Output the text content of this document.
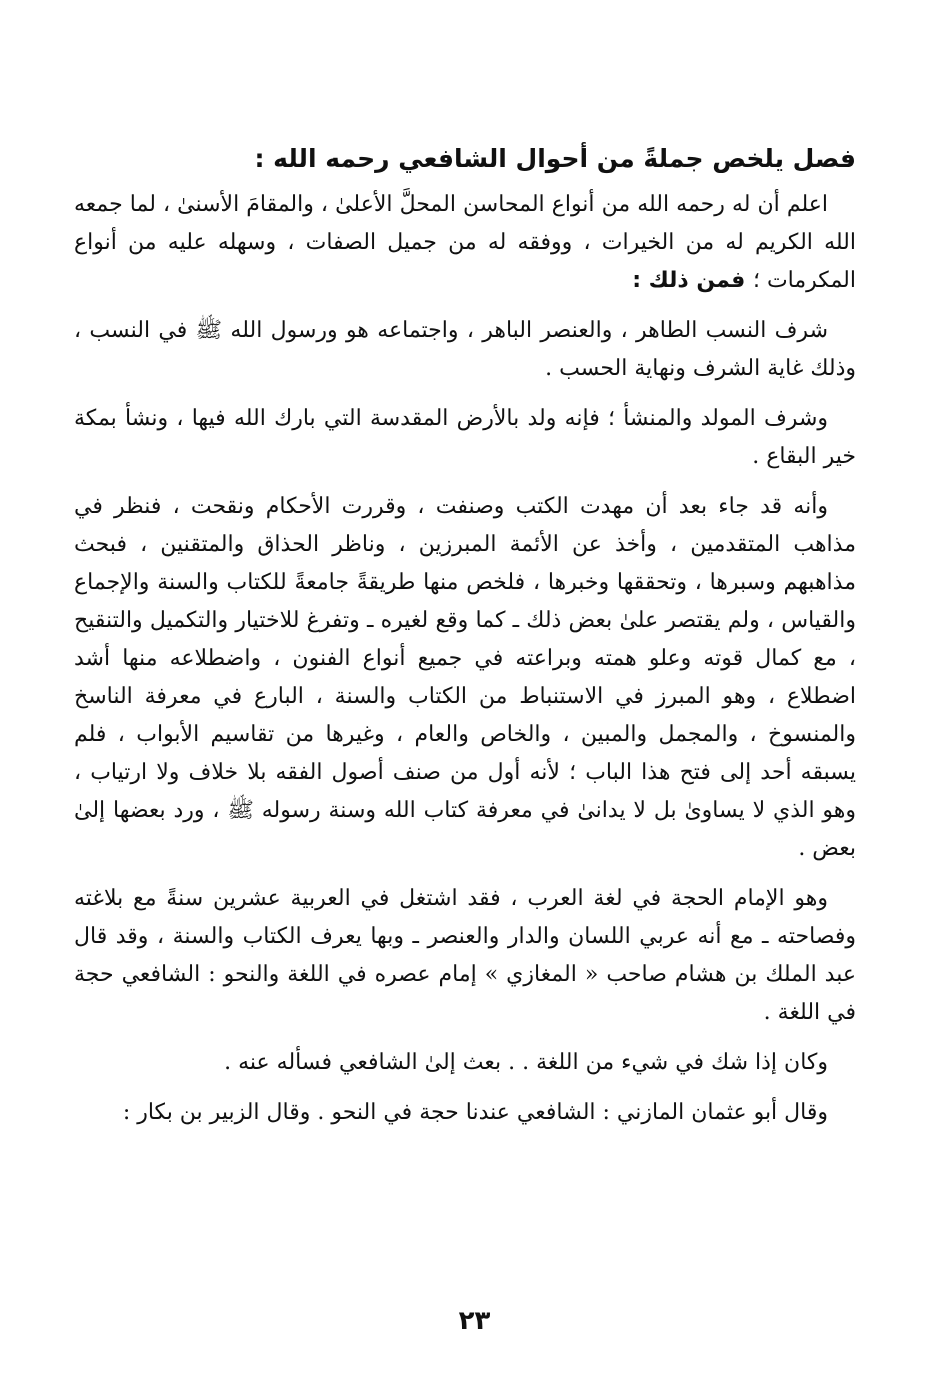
فصل يلخص جملةً من أحوال الشافعي رحمه الله :

اعلم أن له رحمه الله من أنواع المحاسن المحلَّ الأعلىٰ ، والمقامَ الأسنىٰ ، لما جمعه الله الكريم له من الخيرات ، ووفقه له من جميل الصفات ، وسهله عليه من أنواع المكرمات ؛ فمن ذلك :

شرف النسب الطاهر ، والعنصر الباهر ، واجتماعه هو ورسول الله ﷺ في النسب ، وذلك غاية الشرف ونهاية الحسب .

وشرف المولد والمنشأ ؛ فإنه ولد بالأرض المقدسة التي بارك الله فيها ، ونشأ بمكة خير البقاع .

وأنه قد جاء بعد أن مهدت الكتب وصنفت ، وقررت الأحكام ونقحت ، فنظر في مذاهب المتقدمين ، وأخذ عن الأئمة المبرزين ، وناظر الحذاق والمتقنين ، فبحث مذاهبهم وسبرها ، وتحققها وخبرها ، فلخص منها طريقةً جامعةً للكتاب والسنة والإجماع والقياس ، ولم يقتصر علىٰ بعض ذلك ـ كما وقع لغيره ـ وتفرغ للاختيار والتكميل والتنقيح ، مع كمال قوته وعلو همته وبراعته في جميع أنواع الفنون ، واضطلاعه منها أشد اضطلاع ، وهو المبرز في الاستنباط من الكتاب والسنة ، البارع في معرفة الناسخ والمنسوخ ، والمجمل والمبين ، والخاص والعام ، وغيرها من تقاسيم الأبواب ، فلم يسبقه أحد إلى فتح هذا الباب ؛ لأنه أول من صنف أصول الفقه بلا خلاف ولا ارتياب ، وهو الذي لا يساوىٰ بل لا يدانىٰ في معرفة كتاب الله وسنة رسوله ﷺ ، ورد بعضها إلىٰ بعض .

وهو الإمام الحجة في لغة العرب ، فقد اشتغل في العربية عشرين سنةً مع بلاغته وفصاحته ـ مع أنه عربي اللسان والدار والعنصر ـ وبها يعرف الكتاب والسنة ، وقد قال عبد الملك بن هشام صاحب « المغازي » إمام عصره في اللغة والنحو : الشافعي حجة في اللغة .

وكان إذا شك في شيء من اللغة . . بعث إلىٰ الشافعي فسأله عنه .

وقال أبو عثمان المازني : الشافعي عندنا حجة في النحو . وقال الزبير بن بكار :

٢٣
